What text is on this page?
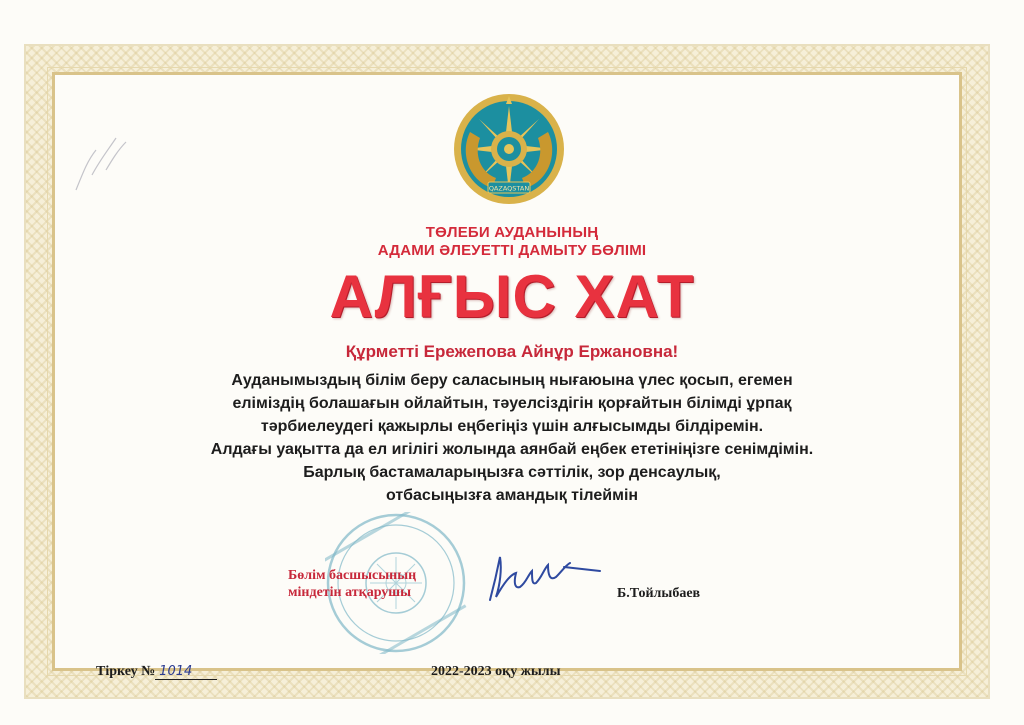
QAZAQSTAN
ТӨЛЕБИ АУДАНЫНЫҢ
АДАМИ ӘЛЕУЕТТІ ДАМЫТУ БӨЛІМІ
АЛҒЫС ХАТ
Құрметті Ережепова Айнұр Ержановна!
Ауданымыздың білім беру саласының нығаюына үлес қосып, егемен
еліміздің болашағын ойлайтын, тәуелсіздігін қорғайтын білімді ұрпақ
тәрбиелеудегі қажырлы еңбегіңіз үшін алғысымды білдіремін.
Алдағы уақытта да ел игілігі жолында аянбай еңбек ететініңізге сенімдімін.
Барлық бастамаларыңызға сәттілік, зор денсаулық,
отбасыңызға амандық тілеймін
Бөлім басшысының
міндетін атқарушы	Б.Тойлыбаев
Тіркеу № 1014	2022-2023 оқу жылы
